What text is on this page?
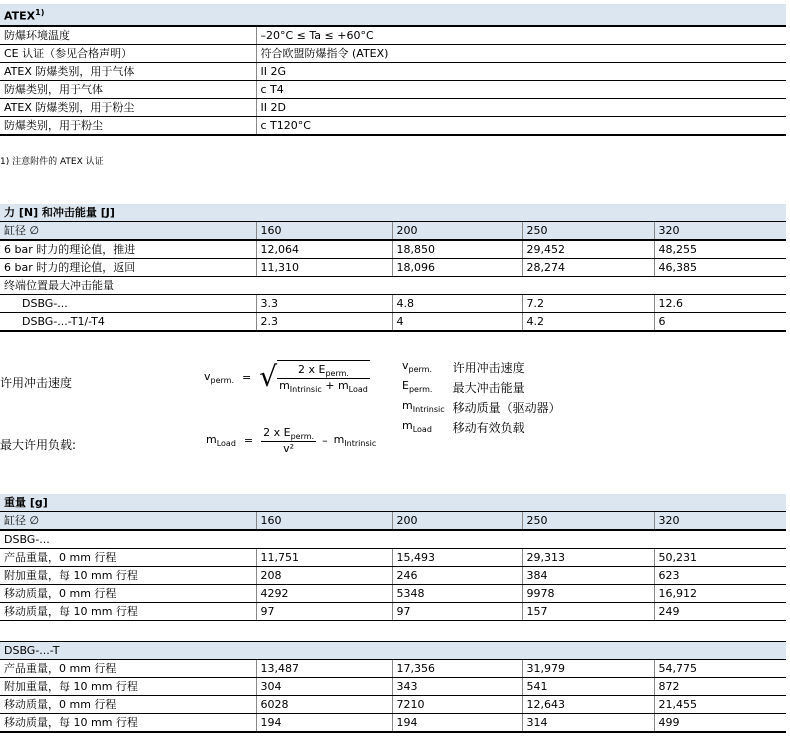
ATEX$^{1)}$
防爆环境温度	–20°C ≤ Ta ≤ +60°C
CE 认证（参见合格声明）	符合欧盟防爆指令 (ATEX)
ATEX 防爆类别，用于气体	II 2G
防爆类别，用于气体	c T4
ATEX 防爆类别，用于粉尘	II 2D
防爆类别，用于粉尘	c T120°C
1) 注意附件的 ATEX 认证
力 [N] 和冲击能量 [J]				
缸径 ∅	160	200	250	320
6 bar 时力的理论值，推进	12,064	18,850	29,452	48,255
6 bar 时力的理论值，返回	11,310	18,096	28,274	46,385
终端位置最大冲击能量				
DSBG-...	3.3	4.8	7.2	12.6
DSBG-...-T1/-T4	2.3	4	4.2	6
许用冲击速度	$v_{perm.}$ = √ $\frac{2 x E_{perm.}}{m_{Intrinsic} + m_{Load}}$	$v_{perm.}$	许用冲击速度
$E_{perm.}$	最大冲击能量
$m_{Intrinsic}$	移动质量（驱动器）
$m_{Load}$	移动有效负载
最大许用负载:	$m_{Load} = \frac{2 x E_{perm.}}{\text{v²}} - m_{Intrinsic}$
重量 [g]				
缸径 ∅	160	200	250	320
DSBG-...				
产品重量，0 mm 行程	11,751	15,493	29,313	50,231
附加重量，每 10 mm 行程	208	246	384	623
移动质量，0 mm 行程	4292	5348	9978	16,912
移动质量，每 10 mm 行程	97	97	157	249

DSBG-...-T				
产品重量，0 mm 行程	13,487	17,356	31,979	54,775
附加重量，每 10 mm 行程	304	343	541	872
移动质量，0 mm 行程	6028	7210	12,643	21,455
移动质量，每 10 mm 行程	194	194	314	499
